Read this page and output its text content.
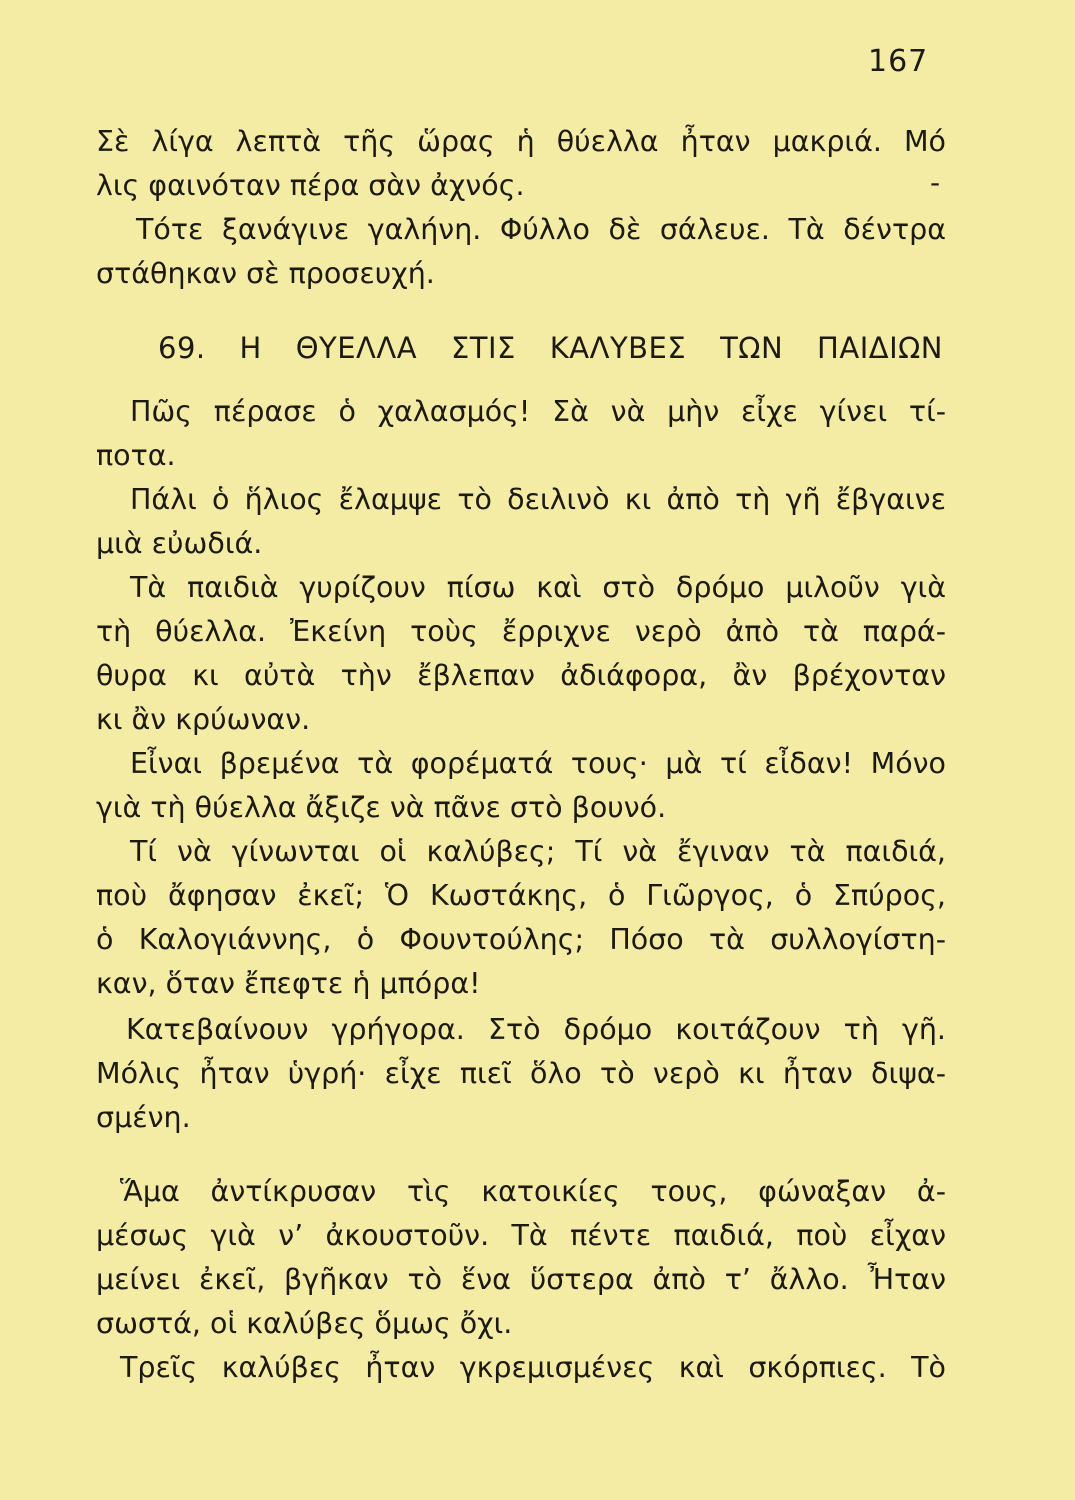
167
Σὲ λίγα λεπτὰ τῆς ὥρας ἡ θύελλα ἦταν μακριά. Μό
λις φαινόταν πέρα σὰν ἀχνός.	-
Τότε ξανάγινε γαλήνη. Φύλλο δὲ σάλευε. Τὰ δέντρα
στάθηκαν σὲ προσευχή.
69. Η ΘΥΕΛΛΑ ΣΤΙΣ ΚΑΛΥΒΕΣ ΤΩΝ ΠΑΙΔΙΩΝ
Πῶς πέρασε ὁ χαλασμός! Σὰ νὰ μὴν εἶχε γίνει τί-
ποτα.
Πάλι ὁ ἥλιος ἔλαμψε τὸ δειλινὸ κι ἀπὸ τὴ γῆ ἔβγαινε
μιὰ εὐωδιά.
Τὰ παιδιὰ γυρίζουν πίσω καὶ στὸ δρόμο μιλοῦν γιὰ
τὴ θύελλα. Ἐκείνη τοὺς ἔρριχνε νερὸ ἀπὸ τὰ παρά-
θυρα κι αὐτὰ τὴν ἔβλεπαν ἀδιάφορα, ἂν βρέχονταν
κι ἂν κρύωναν.
Εἶναι βρεμένα τὰ φορέματά τους· μὰ τί εἶδαν! Μόνο
γιὰ τὴ θύελλα ἄξιζε νὰ πᾶνε στὸ βουνό.
Τί νὰ γίνωνται οἱ καλύβες; Τί νὰ ἔγιναν τὰ παιδιά,
ποὺ ἄφησαν ἐκεῖ; Ὁ Κωστάκης, ὁ Γιῶργος, ὁ Σπύρος,
ὁ Καλογιάννης, ὁ Φουντούλης; Πόσο τὰ συλλογίστη-
καν, ὅταν ἔπεφτε ἡ μπόρα!
Κατεβαίνουν γρήγορα. Στὸ δρόμο κοιτάζουν τὴ γῆ.
Μόλις ἦταν ὑγρή· εἶχε πιεῖ ὅλο τὸ νερὸ κι ἦταν διψα-
σμένη.
Ἅμα ἀντίκρυσαν τὶς κατοικίες τους, φώναξαν ἀ-
μέσως γιὰ ν’ ἀκουστοῦν. Τὰ πέντε παιδιά, ποὺ εἶχαν
μείνει ἐκεῖ, βγῆκαν τὸ ἕνα ὕστερα ἀπὸ τ’ ἄλλο. Ἦταν
σωστά, οἱ καλύβες ὅμως ὄχι.
Τρεῖς καλύβες ἦταν γκρεμισμένες καὶ σκόρπιες. Τὸ
